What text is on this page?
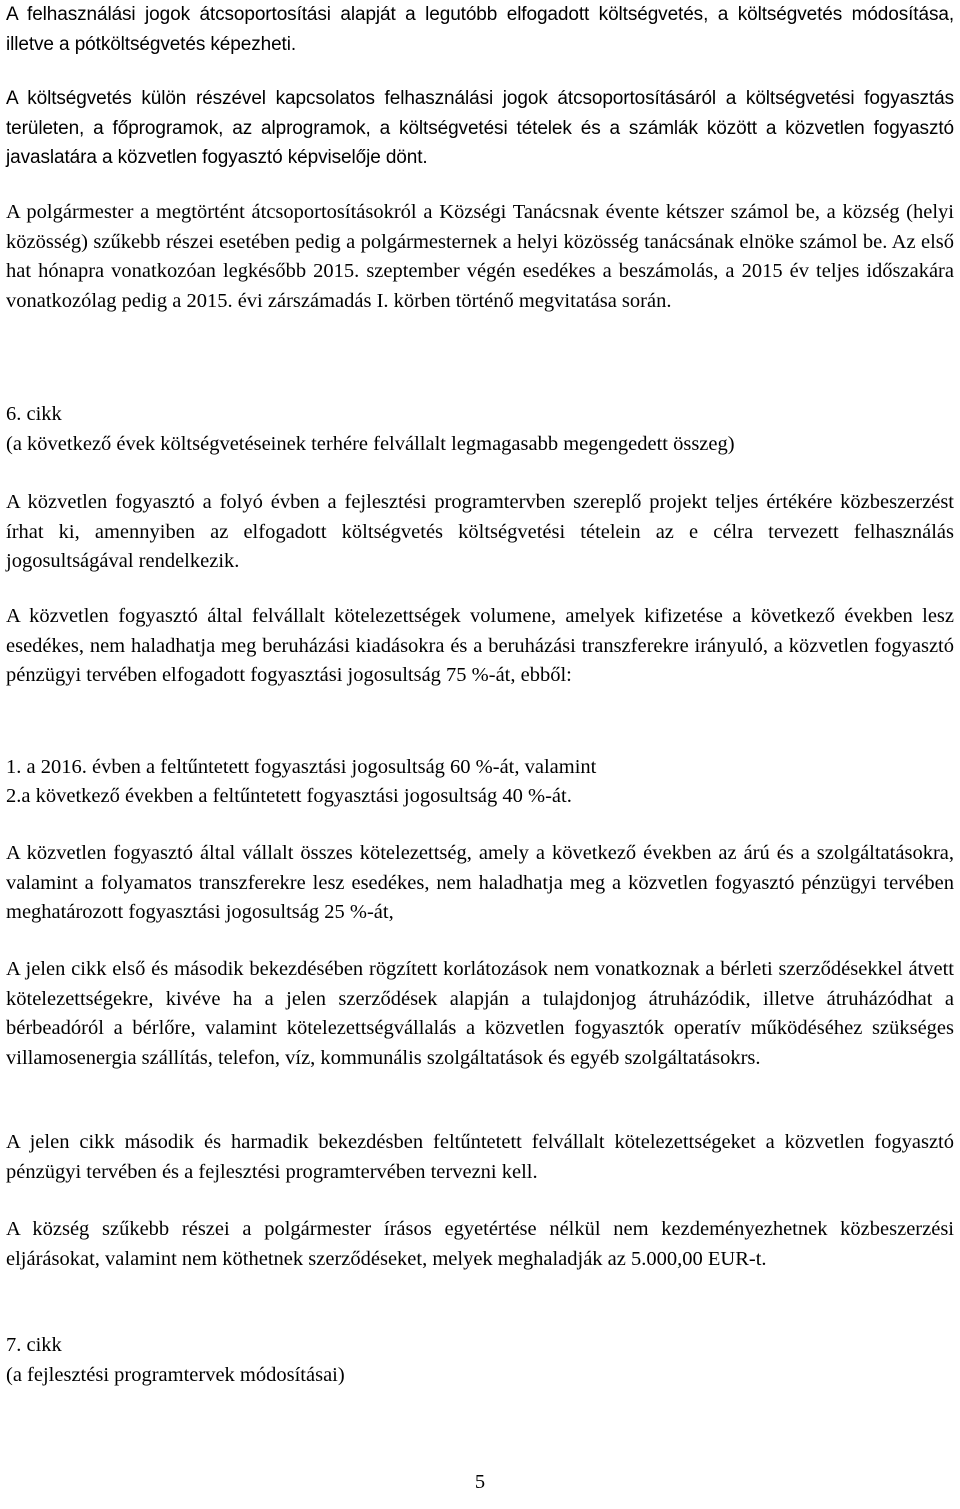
A felhasználási jogok átcsoportosítási alapját a legutóbb elfogadott költségvetés, a költségvetés módosítása, illetve a pótköltségvetés képezheti.

A költségvetés külön részével kapcsolatos felhasználási jogok átcsoportosításáról a költségvetési fogyasztás területen, a főprogramok, az alprogramok, a költségvetési tételek és a számlák között a közvetlen fogyasztó javaslatára a közvetlen fogyasztó képviselője dönt.

A polgármester a megtörtént átcsoportosításokról a Községi Tanácsnak évente kétszer számol be, a község (helyi közösség) szűkebb részei esetében pedig a polgármesternek a helyi közösség tanácsának elnöke számol be. Az első hat hónapra vonatkozóan legkésőbb 2015. szeptember végén esedékes a beszámolás, a 2015 év teljes időszakára vonatkozólag pedig a 2015. évi zárszámadás I. körben történő megvitatása során.

6. cikk

(a következő évek költségvetéseinek terhére felvállalt legmagasabb megengedett összeg)

A közvetlen fogyasztó a folyó évben a fejlesztési programtervben szereplő projekt teljes értékére közbeszerzést írhat ki, amennyiben az elfogadott költségvetés költségvetési tételein az e célra tervezett felhasználás jogosultságával rendelkezik.

A közvetlen fogyasztó által felvállalt kötelezettségek volumene, amelyek kifizetése a következő években lesz esedékes, nem haladhatja meg beruházási kiadásokra és a beruházási transzferekre irányuló, a közvetlen fogyasztó pénzügyi tervében elfogadott fogyasztási jogosultság 75 %-át, ebből:

1. a 2016. évben a feltűntetett fogyasztási jogosultság 60 %-át, valamint

2.a következő években a feltűntetett fogyasztási jogosultság 40 %-át.

A közvetlen fogyasztó által vállalt összes kötelezettség, amely a következő években az árú és a szolgáltatásokra, valamint a folyamatos transzferekre lesz esedékes, nem haladhatja meg a közvetlen fogyasztó pénzügyi tervében meghatározott fogyasztási jogosultság 25 %-át,

A jelen cikk első és második bekezdésében rögzített korlátozások nem vonatkoznak a bérleti szerződésekkel átvett kötelezettségekre, kivéve ha a jelen szerződések alapján a tulajdonjog átruházódik, illetve átruházódhat a bérbeadóról a bérlőre, valamint kötelezettségvállalás a közvetlen fogyasztók operatív működéséhez szükséges villamosenergia szállítás, telefon, víz, kommunális szolgáltatások és egyéb szolgáltatásokrs.

A jelen cikk második és harmadik bekezdésben feltűntetett felvállalt kötelezettségeket a közvetlen fogyasztó pénzügyi tervében és a fejlesztési programtervében tervezni kell.

A község szűkebb részei a polgármester írásos egyetértése nélkül nem kezdeményezhetnek közbeszerzési eljárásokat, valamint nem köthetnek szerződéseket, melyek meghaladják az 5.000,00 EUR-t.

7. cikk

(a fejlesztési programtervek módosításai)

5
